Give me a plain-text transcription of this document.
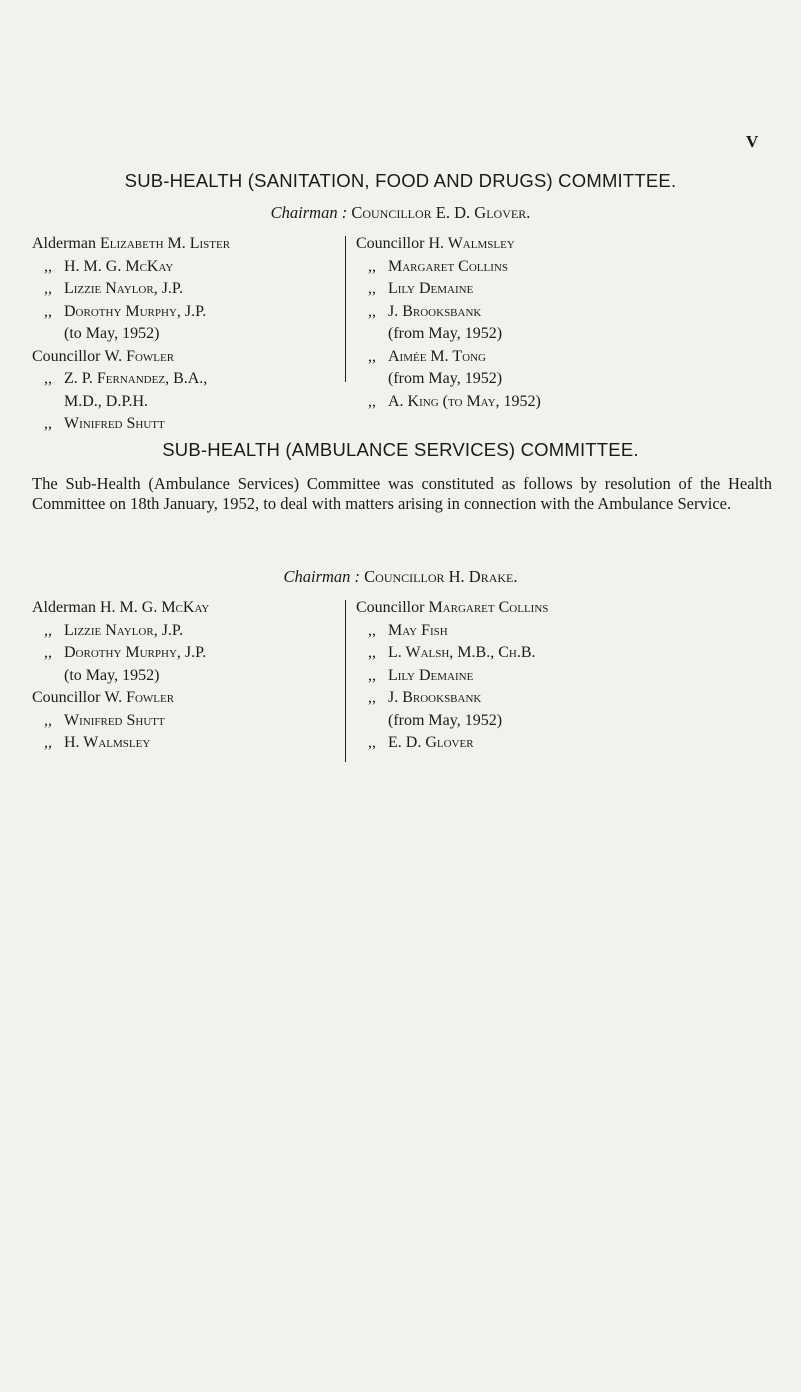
V
SUB-HEALTH (SANITATION, FOOD AND DRUGS) COMMITTEE.
Chairman : Councillor E. D. Glover.
Alderman Elizabeth M. Lister
,, H. M. G. McKay
,, Lizzie Naylor, J.P.
,, Dorothy Murphy, J.P.
(to May, 1952)
Councillor W. Fowler
,, Z. P. Fernandez, B.A.,
M.D., D.P.H.
,, Winifred Shutt
Councillor H. Walmsley
,, Margaret Collins
,, Lily Demaine
,, J. Brooksbank
(from May, 1952)
,, Aimée M. Tong
(from May, 1952)
,, A. King (to May, 1952)
SUB-HEALTH (AMBULANCE SERVICES) COMMITTEE.
The Sub-Health (Ambulance Services) Committee was constituted as follows by resolution of the Health Committee on 18th January, 1952, to deal with matters arising in connection with the Ambulance Service.
Chairman : Councillor H. Drake.
Alderman H. M. G. McKay
,, Lizzie Naylor, J.P.
,, Dorothy Murphy, J.P.
(to May, 1952)
Councillor W. Fowler
,, Winifred Shutt
,, H. Walmsley
Councillor Margaret Collins
,, May Fish
,, L. Walsh, M.B., Ch.B.
,, Lily Demaine
,, J. Brooksbank
(from May, 1952)
,, E. D. Glover
